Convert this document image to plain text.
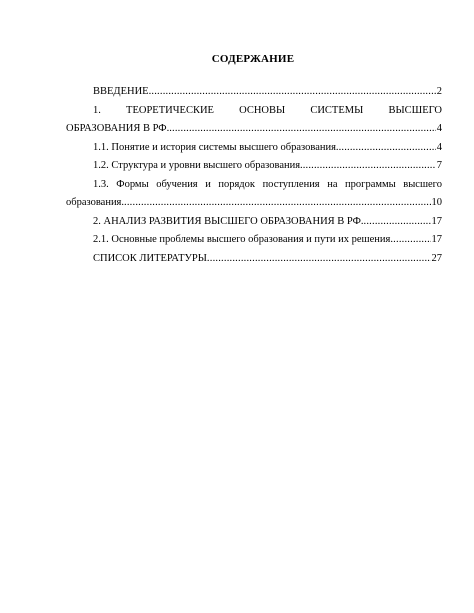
СОДЕРЖАНИЕ
ВВЕДЕНИЕ .....	2
1. ТЕОРЕТИЧЕСКИЕ ОСНОВЫ СИСТЕМЫ ВЫСШЕГО
ОБРАЗОВАНИЯ В РФ. .....	4
1.1. Понятие и история системы высшего образования. .....	4
1.2. Структура и уровни высшего образования. .....	7
1.3. Формы обучения и порядок поступления на программы высшего
образования. .....	10
2. АНАЛИЗ РАЗВИТИЯ ВЫСШЕГО ОБРАЗОВАНИЯ В РФ. .....	17
2.1. Основные проблемы высшего образования и пути их решения .....	17
СПИСОК ЛИТЕРАТУРЫ .....	27
